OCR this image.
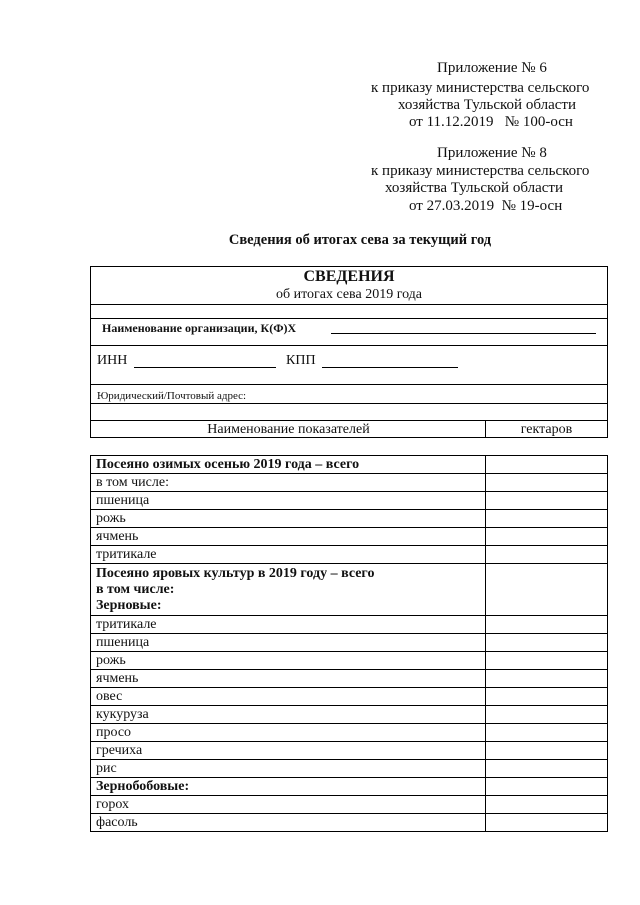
Приложение № 6
к приказу министерства сельского
хозяйства Тульской области
от 11.12.2019   № 100-осн
Приложение № 8
к приказу министерства сельского
хозяйства Тульской области
от 27.03.2019  № 19-осн
Сведения об итогах сева за текущий год
СВЕДЕНИЯ
об итогах сева 2019 года
Наименование организации, К(Ф)Х
ИНН	КПП
Юридический/Почтовый адрес:
Наименование показателей	гектаров
Посеяно озимых осенью 2019 года – всего	
в том числе:	
пшеница	
рожь	
ячмень	
тритикале	

Посеяно яровых культур в 2019 году – всего
в том числе:
Зерновые:	

тритикале	
пшеница	
рожь	
ячмень	
овес	
кукуруза	
просо	
гречиха	
рис	
Зернобобовые:	
горох	
фасоль	
